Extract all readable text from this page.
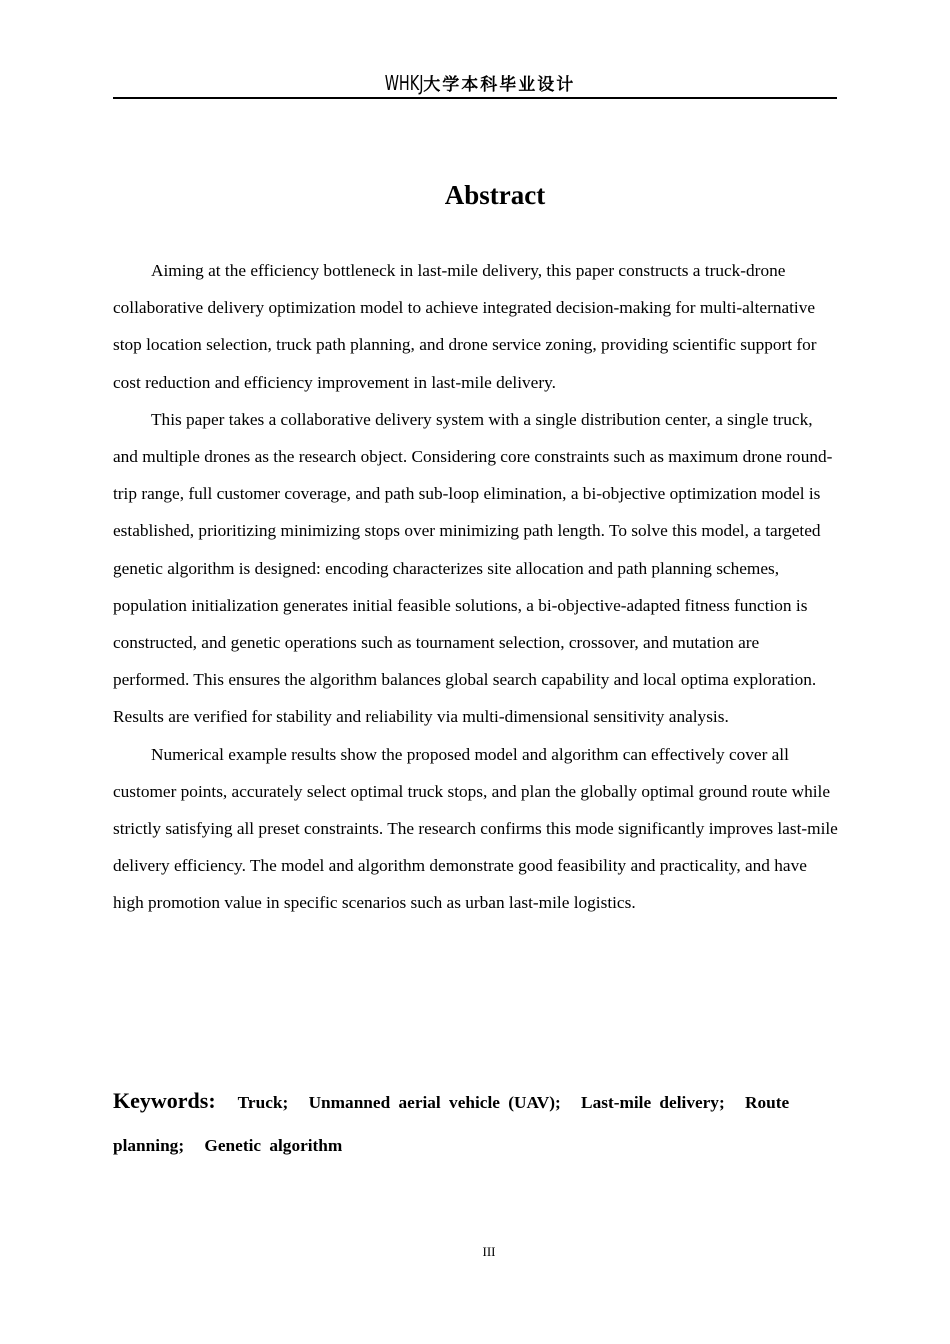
WHKJ大学本科毕业设计
Abstract

Aiming at the efficiency bottleneck in last-mile delivery, this paper constructs a truck-drone collaborative delivery optimization model to achieve integrated decision-making for multi-alternative stop location selection, truck path planning, and drone service zoning, providing scientific support for cost reduction and efficiency improvement in last-mile delivery.

This paper takes a collaborative delivery system with a single distribution center, a single truck, and multiple drones as the research object. Considering core constraints such as maximum drone round-trip range, full customer coverage, and path sub-loop elimination, a bi-objective optimization model is established, prioritizing minimizing stops over minimizing path length. To solve this model, a targeted genetic algorithm is designed: encoding characterizes site allocation and path planning schemes, population initialization generates initial feasible solutions, a bi-objective-adapted fitness function is constructed, and genetic operations such as tournament selection, crossover, and mutation are performed. This ensures the algorithm balances global search capability and local optima exploration. Results are verified for stability and reliability via multi-dimensional sensitivity analysis.

Numerical example results show the proposed model and algorithm can effectively cover all customer points, accurately select optimal truck stops, and plan the globally optimal ground route while strictly satisfying all preset constraints. The research confirms this mode significantly improves last-mile delivery efficiency. The model and algorithm demonstrate good feasibility and practicality, and have high promotion value in specific scenarios such as urban last-mile logistics.

Keywords: Truck; Unmanned aerial vehicle (UAV); Last-mile delivery; Route planning; Genetic algorithm
III
